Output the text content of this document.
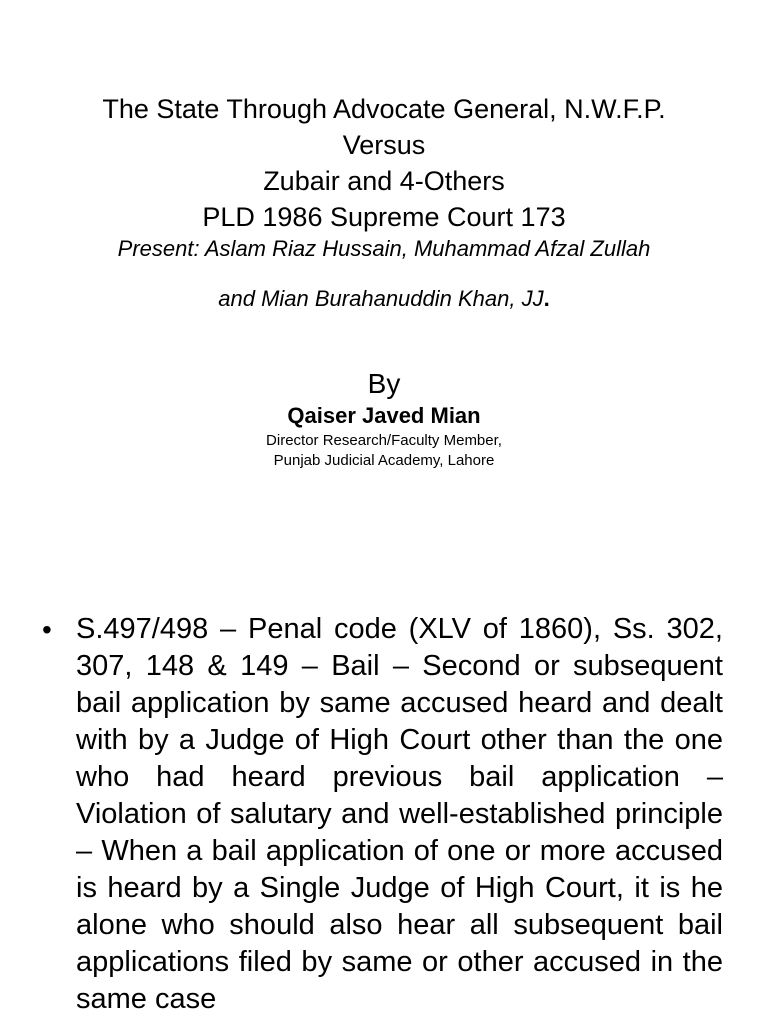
The State Through Advocate General, N.W.F.P.
Versus
Zubair and 4-Others
PLD 1986 Supreme Court 173
Present: Aslam Riaz Hussain, Muhammad Afzal Zullah
and Mian Burahanuddin Khan, JJ.
By
Qaiser Javed Mian
Director Research/Faculty Member,
Punjab Judicial Academy, Lahore
• S.497/498 – Penal code (XLV of 1860), Ss. 302, 307, 148 & 149 – Bail – Second or subsequent bail application by same accused heard and dealt with by a Judge of High Court other than the one who had heard previous bail application – Violation of salutary and well-established principle – When a bail application of one or more accused is heard by a Single Judge of High Court, it is he alone who should also hear all subsequent bail applications filed by same or other accused in the same case
